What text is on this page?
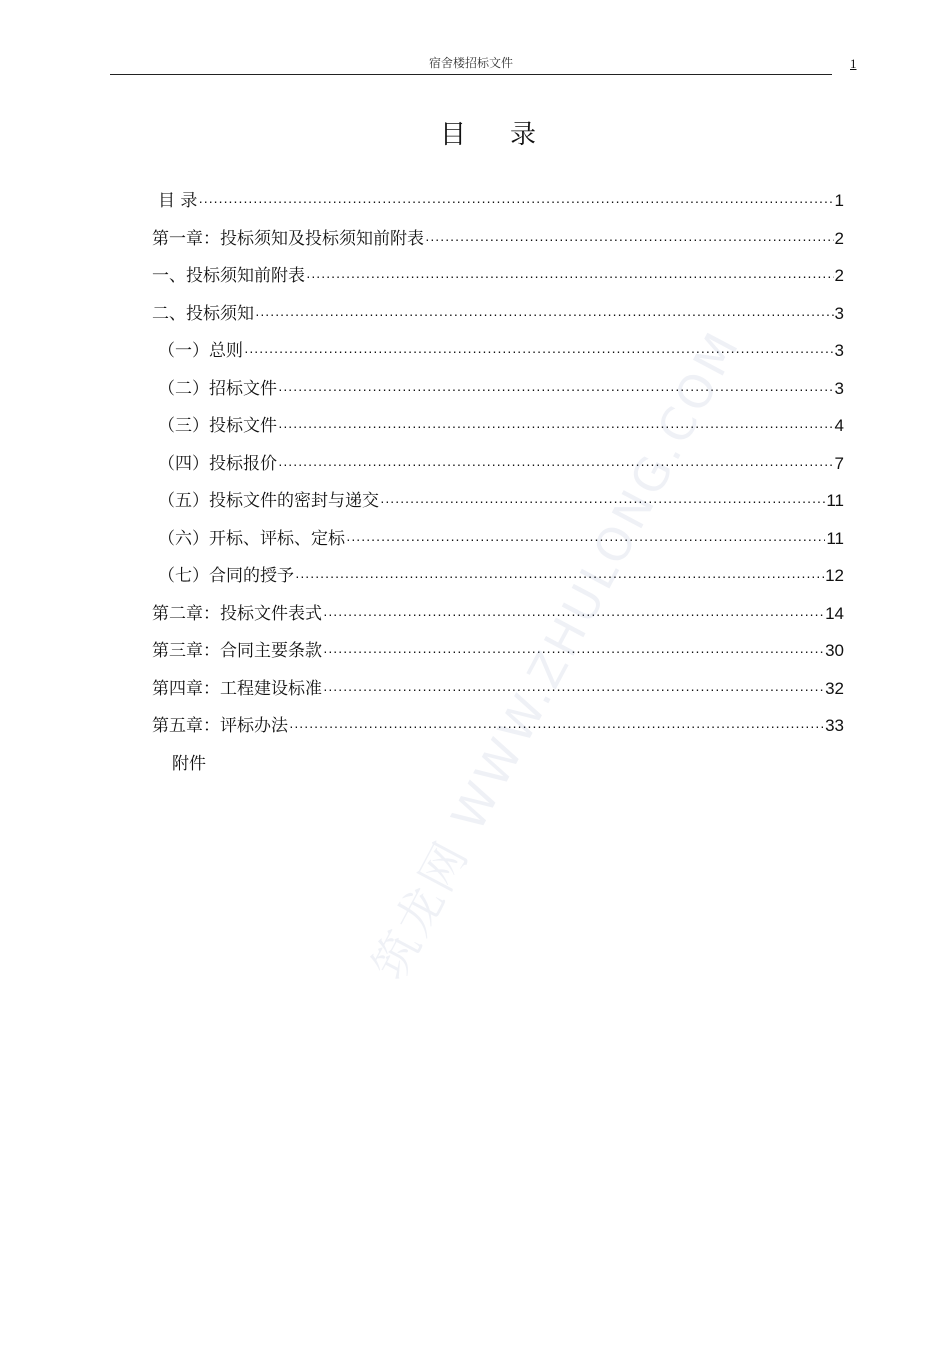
宿舍楼招标文件	1
目 录
目 录 ·····	1
第一章：投标须知及投标须知前附表 ·····	2
一、投标须知前附表 ·····	2
二、投标须知 ·····	3
（一）总则 ·····	3
（二）招标文件 ·····	3
（三）投标文件 ·····	4
（四）投标报价 ·····	7
（五）投标文件的密封与递交 ·····	11
（六）开标、评标、定标 ·····	11
（七）合同的授予 ·····	12
第二章：投标文件表式 ·····	14
第三章：合同主要条款 ·····	30
第四章：工程建设标准 ·····	32
第五章：评标办法 ·····	33
附件	筑龙网 WWW.ZHULONG.COM
